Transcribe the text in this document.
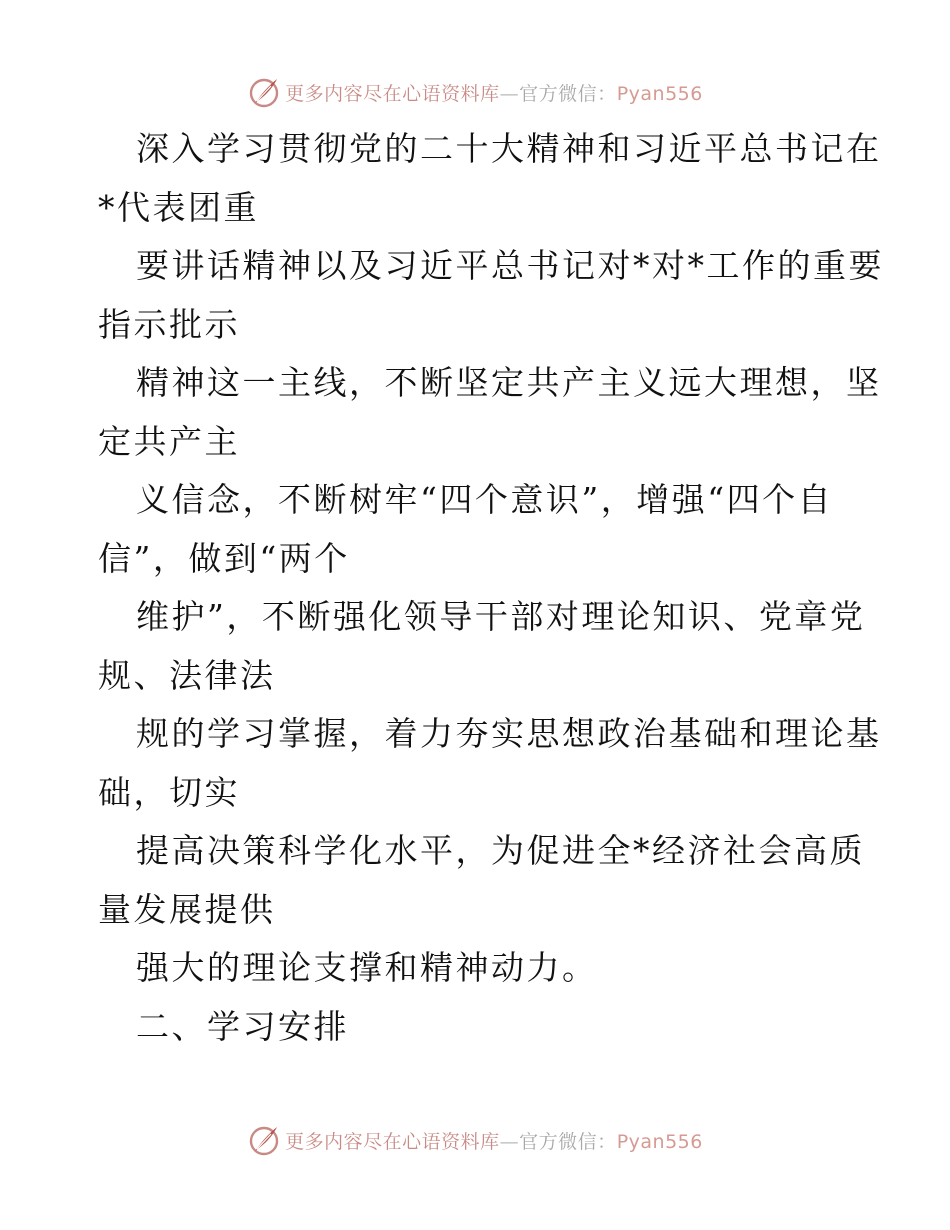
更多内容尽在心语资料库—官方微信：Pyan556
深入学习贯彻党的二十大精神和习近平总书记在
*代表团重
要讲话精神以及习近平总书记对*对*工作的重要
指示批示
精神这一主线，不断坚定共产主义远大理想，坚
定共产主
义信念，不断树牢“四个意识”，增强“四个自
信”，做到“两个
维护”，不断强化领导干部对理论知识、党章党
规、法律法
规的学习掌握，着力夯实思想政治基础和理论基
础，切实
提高决策科学化水平，为促进全*经济社会高质
量发展提供
强大的理论支撑和精神动力。
二、学习安排
更多内容尽在心语资料库—官方微信：Pyan556
